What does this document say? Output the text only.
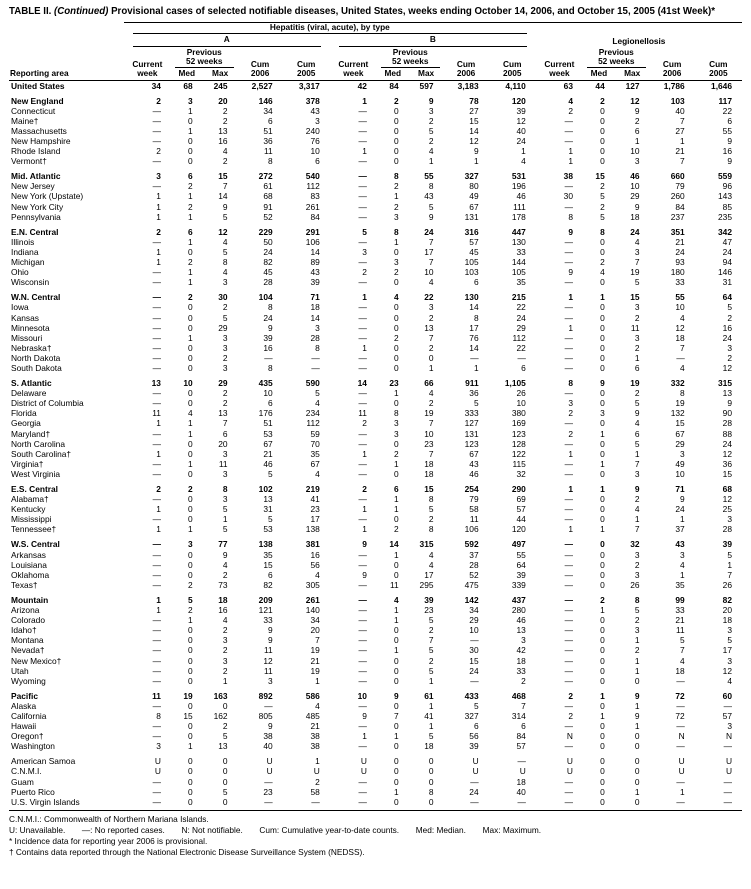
TABLE II. (Continued) Provisional cases of selected notifiable diseases, United States, weeks ending October 14, 2006, and October 15, 2005 (41st Week)*
Reporting area	Hepatitis (viral, acute), by type														

	A					B					Legionellosis				

Current
week

Previous
52 weeks	Cum
2006

Cum
2005

Current
week

Previous
52 weeks	Cum
2006

Cum
2005

Current
week

Previous
52 weeks	Cum
2006

Cum
2005

		Med	Max				Med	Max				Med	Max		
United States	34	68	245	2,527	3,317	42	84	597	3,183	4,110	63	44	127	1,786	1,646

New England	2	3	20	146	378	1	2	9	78	120	4	2	12	103	117
Connecticut	—	1	2	34	43	—	0	3	27	39	2	0	9	40	22
Maine†	—	0	2	6	3	—	0	2	15	12	—	0	2	7	6
Massachusetts	—	1	13	51	240	—	0	5	14	40	—	0	6	27	55
New Hampshire	—	0	16	36	76	—	0	2	12	24	—	0	1	1	9
Rhode Island	2	0	4	11	10	1	0	4	9	1	1	0	10	21	16
Vermont†	—	0	2	8	6	—	0	1	1	4	1	0	3	7	9

Mid. Atlantic	3	6	15	272	540	—	8	55	327	531	38	15	46	660	559
New Jersey	—	2	7	61	112	—	2	8	80	196	—	2	10	79	96
New York (Upstate)	1	1	14	68	83	—	1	43	49	46	30	5	29	260	143
New York City	1	2	9	91	261	—	2	5	67	111	—	2	9	84	85
Pennsylvania	1	1	5	52	84	—	3	9	131	178	8	5	18	237	235

E.N. Central	2	6	12	229	291	5	8	24	316	447	9	8	24	351	342
Illinois	—	1	4	50	106	—	1	7	57	130	—	0	4	21	47
Indiana	1	0	5	24	14	3	0	17	45	33	—	0	3	24	24
Michigan	1	2	8	82	89	—	3	7	105	144	—	2	7	93	94
Ohio	—	1	4	45	43	2	2	10	103	105	9	4	19	180	146
Wisconsin	—	1	3	28	39	—	0	4	6	35	—	0	5	33	31

W.N. Central	—	2	30	104	71	1	4	22	130	215	1	1	15	55	64
Iowa	—	0	2	8	18	—	0	3	14	22	—	0	3	10	5
Kansas	—	0	5	24	14	—	0	2	8	24	—	0	2	4	2
Minnesota	—	0	29	9	3	—	0	13	17	29	1	0	11	12	16
Missouri	—	1	3	39	28	—	2	7	76	112	—	0	3	18	24
Nebraska†	—	0	3	16	8	1	0	2	14	22	—	0	2	7	3
North Dakota	—	0	2	—	—	—	0	0	—	—	—	0	1	—	2
South Dakota	—	0	3	8	—	—	0	1	1	6	—	0	6	4	12

S. Atlantic	13	10	29	435	590	14	23	66	911	1,105	8	9	19	332	315
Delaware	—	0	2	10	5	—	1	4	36	26	—	0	2	8	13
District of Columbia	—	0	2	6	4	—	0	2	5	10	3	0	5	19	9
Florida	11	4	13	176	234	11	8	19	333	380	2	3	9	132	90
Georgia	1	1	7	51	112	2	3	7	127	169	—	0	4	15	28
Maryland†	—	1	6	53	59	—	3	10	131	123	2	1	6	67	88
North Carolina	—	0	20	67	70	—	0	23	123	128	—	0	5	29	24
South Carolina†	1	0	3	21	35	1	2	7	67	122	1	0	1	3	12
Virginia†	—	1	11	46	67	—	1	18	43	115	—	1	7	49	36
West Virginia	—	0	3	5	4	—	0	18	46	32	—	0	3	10	15

E.S. Central	2	2	8	102	219	2	6	15	254	290	1	1	9	71	68
Alabama†	—	0	3	13	41	—	1	8	79	69	—	0	2	9	12
Kentucky	1	0	5	31	23	1	1	5	58	57	—	0	4	24	25
Mississippi	—	0	1	5	17	—	0	2	11	44	—	0	1	1	3
Tennessee†	1	1	5	53	138	1	2	8	106	120	1	1	7	37	28

W.S. Central	—	3	77	138	381	9	14	315	592	497	—	0	32	43	39
Arkansas	—	0	9	35	16	—	1	4	37	55	—	0	3	3	5
Louisiana	—	0	4	15	56	—	0	4	28	64	—	0	2	4	1
Oklahoma	—	0	2	6	4	9	0	17	52	39	—	0	3	1	7
Texas†	—	2	73	82	305	—	11	295	475	339	—	0	26	35	26

Mountain	1	5	18	209	261	—	4	39	142	437	—	2	8	99	82
Arizona	1	2	16	121	140	—	1	23	34	280	—	1	5	33	20
Colorado	—	1	4	33	34	—	1	5	29	46	—	0	2	21	18
Idaho†	—	0	2	9	20	—	0	2	10	13	—	0	3	11	3
Montana	—	0	3	9	7	—	0	7	—	3	—	0	1	5	5
Nevada†	—	0	2	11	19	—	1	5	30	42	—	0	2	7	17
New Mexico†	—	0	3	12	21	—	0	2	15	18	—	0	1	4	3
Utah	—	0	2	11	19	—	0	5	24	33	—	0	1	18	12
Wyoming	—	0	1	3	1	—	0	1	—	2	—	0	0	—	4

Pacific	11	19	163	892	586	10	9	61	433	468	2	1	9	72	60
Alaska	—	0	0	—	4	—	0	1	5	7	—	0	1	—	—
California	8	15	162	805	485	9	7	41	327	314	2	1	9	72	57
Hawaii	—	0	2	9	21	—	0	1	6	6	—	0	1	—	3
Oregon†	—	0	5	38	38	1	1	5	56	84	N	0	0	N	N
Washington	3	1	13	40	38	—	0	18	39	57	—	0	0	—	—

American Samoa	U	0	0	U	1	U	0	0	U	—	U	0	0	U	U
C.N.M.I.	U	0	0	U	U	U	0	0	U	U	U	0	0	U	U
Guam	—	0	0	—	2	—	0	0	—	18	—	0	0	—	—
Puerto Rico	—	0	5	23	58	—	1	8	24	40	—	0	1	1	—
U.S. Virgin Islands	—	0	0	—	—	—	0	0	—	—	—	0	0	—	—
C.N.M.I.: Commonwealth of Northern Mariana Islands.
U: Unavailable.  —: No reported cases.  N: Not notifiable.  Cum: Cumulative year-to-date counts.  Med: Median.  Max: Maximum.
* Incidence data for reporting year 2006 is provisional.
† Contains data reported through the National Electronic Disease Surveillance System (NEDSS).
